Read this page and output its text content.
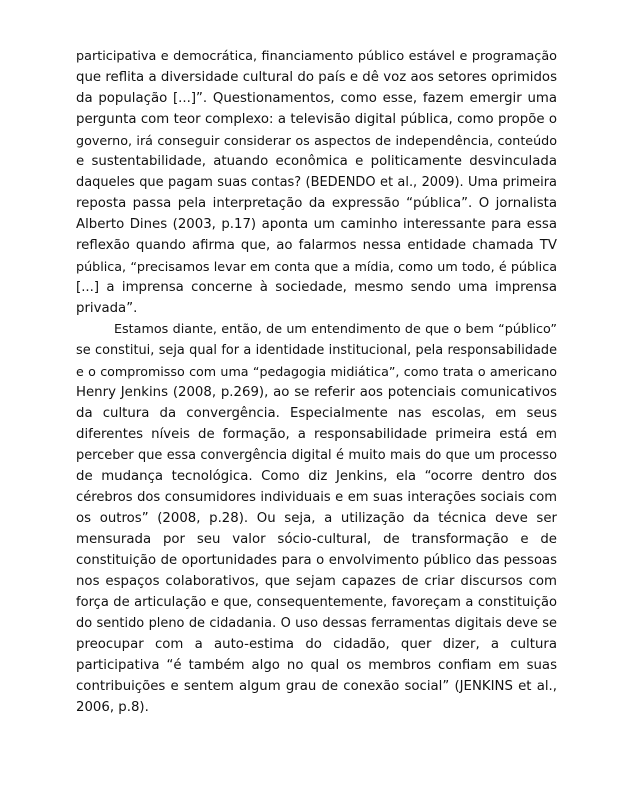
participativa e democrática, financiamento público estável e programação
que reflita a diversidade cultural do país e dê voz aos setores oprimidos
da população [...]”. Questionamentos, como esse, fazem emergir uma
pergunta com teor complexo: a televisão digital pública, como propõe o
governo, irá conseguir considerar os aspectos de independência, conteúdo
e sustentabilidade, atuando econômica e politicamente desvinculada
daqueles que pagam suas contas? (BEDENDO et al., 2009). Uma primeira
reposta passa pela interpretação da expressão “pública”. O jornalista
Alberto Dines (2003, p.17) aponta um caminho interessante para essa
reflexão quando afirma que, ao falarmos nessa entidade chamada TV
pública, “precisamos levar em conta que a mídia, como um todo, é pública
[...] a imprensa concerne à sociedade, mesmo sendo uma imprensa
privada”.
Estamos diante, então, de um entendimento de que o bem “público”
se constitui, seja qual for a identidade institucional, pela responsabilidade
e o compromisso com uma “pedagogia midiática”, como trata o americano
Henry Jenkins (2008, p.269), ao se referir aos potenciais comunicativos
da cultura da convergência. Especialmente nas escolas, em seus
diferentes níveis de formação, a responsabilidade primeira está em
perceber que essa convergência digital é muito mais do que um processo
de mudança tecnológica. Como diz Jenkins, ela “ocorre dentro dos
cérebros dos consumidores individuais e em suas interações sociais com
os outros” (2008, p.28). Ou seja, a utilização da técnica deve ser
mensurada por seu valor sócio-cultural, de transformação e de
constituição de oportunidades para o envolvimento público das pessoas
nos espaços colaborativos, que sejam capazes de criar discursos com
força de articulação e que, consequentemente, favoreçam a constituição
do sentido pleno de cidadania. O uso dessas ferramentas digitais deve se
preocupar com a auto-estima do cidadão, quer dizer, a cultura
participativa “é também algo no qual os membros confiam em suas
contribuições e sentem algum grau de conexão social” (JENKINS et al.,
2006, p.8).
